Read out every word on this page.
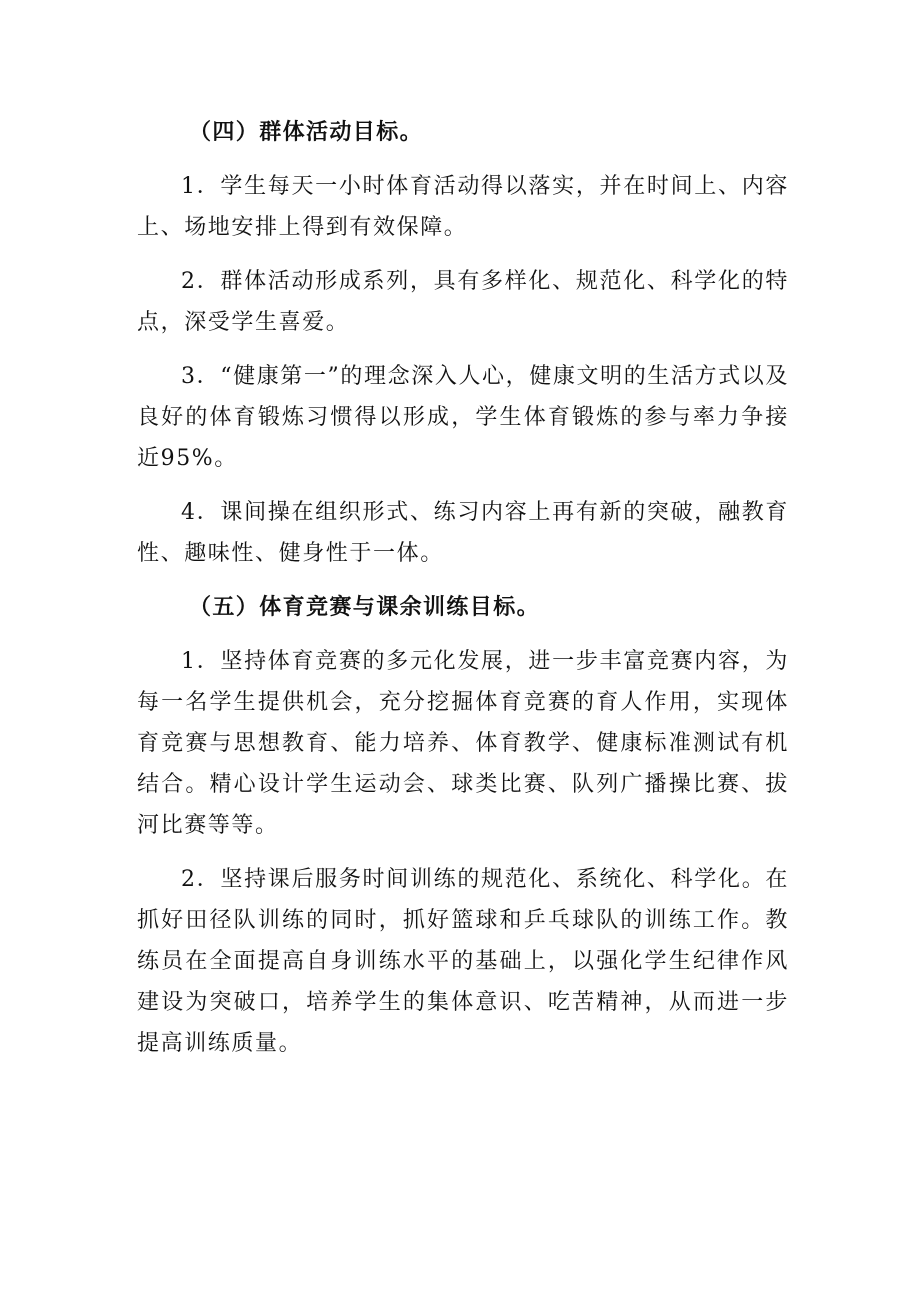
（四）群体活动目标。

1．学生每天一小时体育活动得以落实，并在时间上、内容上、场地安排上得到有效保障。

2．群体活动形成系列，具有多样化、规范化、科学化的特点，深受学生喜爱。

3．“健康第一”的理念深入人心，健康文明的生活方式以及良好的体育锻炼习惯得以形成，学生体育锻炼的参与率力争接近95%。

4．课间操在组织形式、练习内容上再有新的突破，融教育性、趣味性、健身性于一体。

（五）体育竞赛与课余训练目标。

1．坚持体育竞赛的多元化发展，进一步丰富竞赛内容，为每一名学生提供机会，充分挖掘体育竞赛的育人作用，实现体育竞赛与思想教育、能力培养、体育教学、健康标准测试有机结合。精心设计学生运动会、球类比赛、队列广播操比赛、拔河比赛等等。

2．坚持课后服务时间训练的规范化、系统化、科学化。在抓好田径队训练的同时，抓好篮球和乒乓球队的训练工作。教练员在全面提高自身训练水平的基础上，以强化学生纪律作风建设为突破口，培养学生的集体意识、吃苦精神，从而进一步提高训练质量。
